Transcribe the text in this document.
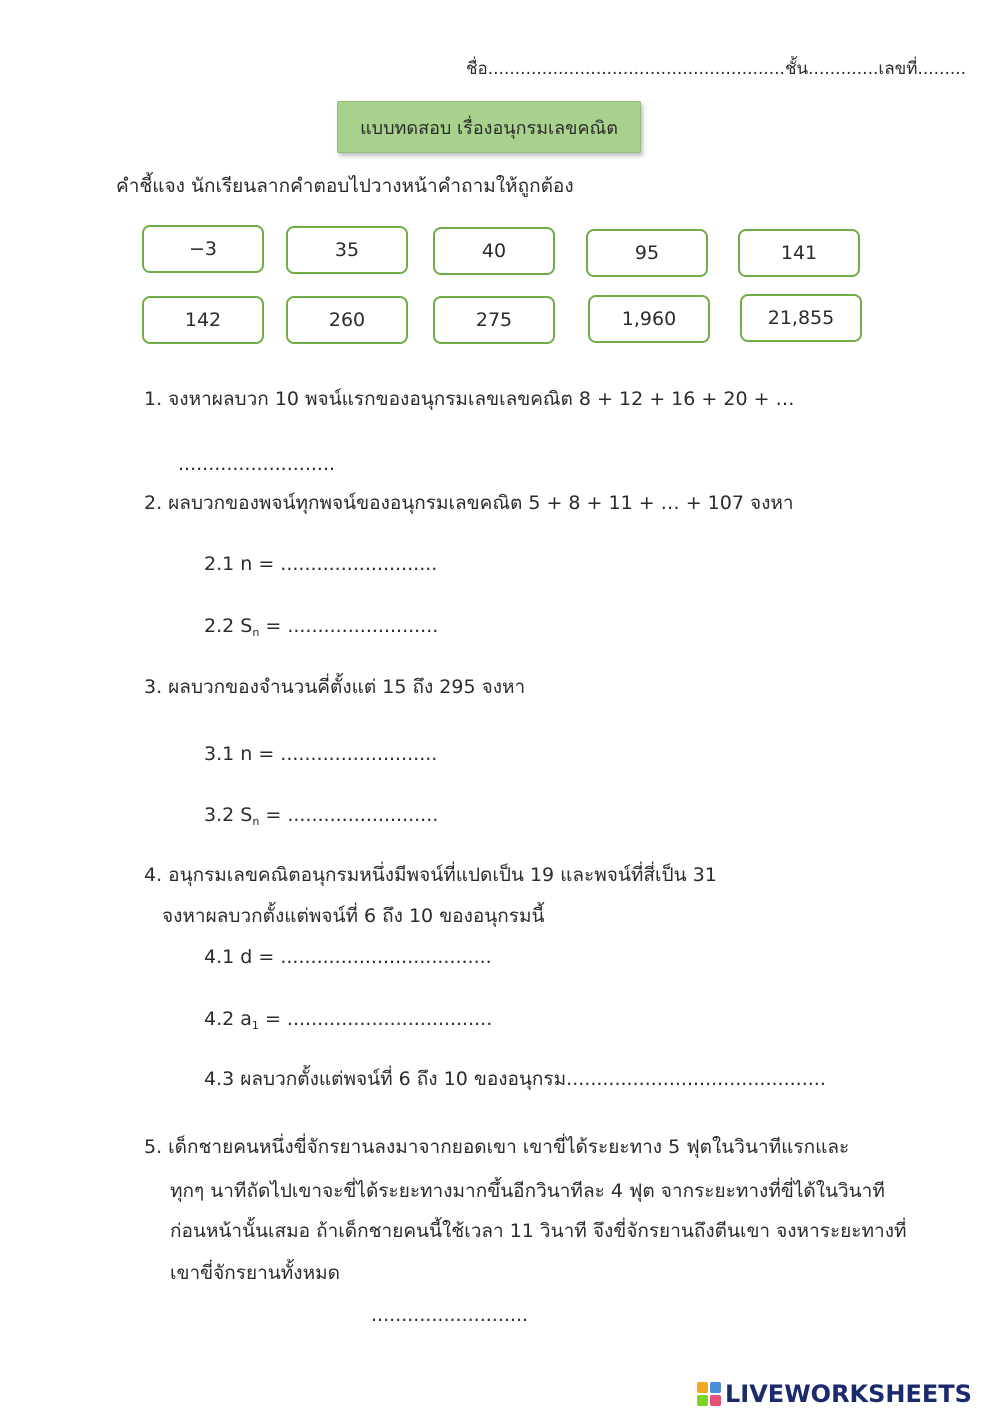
ชื่อ.......................................................ชั้น.............เลขที่.........
แบบทดสอบ เรื่องอนุกรมเลขคณิต
คำชี้แจง นักเรียนลากคำตอบไปวางหน้าคำถามให้ถูกต้อง
−3	35	40	95	141
142	260	275	1,960	21,855
1. จงหาผลบวก 10 พจน์แรกของอนุกรมเลขเลขคณิต 8 + 12 + 16 + 20 + …
..........................
2. ผลบวกของพจน์ทุกพจน์ของอนุกรมเลขคณิต 5 + 8 + 11 + … + 107 จงหา
2.1 n = ..........................
2.2 $S_n$ = .........................
3. ผลบวกของจำนวนคี่ตั้งแต่ 15 ถึง 295 จงหา
3.1 n = ..........................
3.2 $S_n$ = .........................
4. อนุกรมเลขคณิตอนุกรมหนึ่งมีพจน์ที่แปดเป็น 19 และพจน์ที่สี่เป็น 31
จงหาผลบวกตั้งแต่พจน์ที่ 6 ถึง 10 ของอนุกรมนี้
4.1 d = ...................................
4.2 $a_1$ = ..................................
4.3 ผลบวกตั้งแต่พจน์ที่ 6 ถึง 10 ของอนุกรม...........................................
5. เด็กชายคนหนึ่งขี่จักรยานลงมาจากยอดเขา เขาขี่ได้ระยะทาง 5 ฟุตในวินาทีแรกและ
ทุกๆ นาทีถัดไปเขาจะขี่ได้ระยะทางมากขึ้นอีกวินาทีละ 4 ฟุต จากระยะทางที่ขี่ได้ในวินาที
ก่อนหน้านั้นเสมอ ถ้าเด็กชายคนนี้ใช้เวลา 11 วินาที จึงขี่จักรยานถึงตีนเขา จงหาระยะทางที่
เขาขี่จักรยานทั้งหมด
..........................
LIVEWORKSHEETS
